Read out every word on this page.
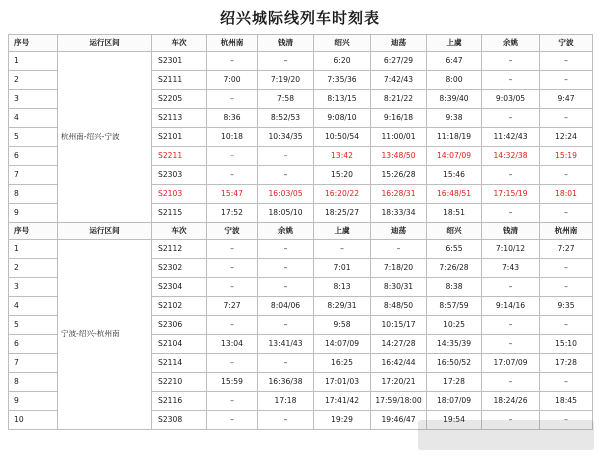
绍兴城际线列车时刻表
序号	运行区间	车次	杭州南	钱清	绍兴	迪荡	上虞	余姚	宁波
1	杭州南-绍兴-宁波	S2301	–	–	6:20	6:27/29	6:47	–	–
2		S2111	7:00	7:19/20	7:35/36	7:42/43	8:00	–	–
3		S2205	–	7:58	8:13/15	8:21/22	8:39/40	9:03/05	9:47
4		S2113	8:36	8:52/53	9:08/10	9:16/18	9:38	–	–
5		S2101	10:18	10:34/35	10:50/54	11:00/01	11:18/19	11:42/43	12:24
6		S2211	–	–	13:42	13:48/50	14:07/09	14:32/38	15:19
7		S2303	–	–	15:20	15:26/28	15:46	–	–
8		S2103	15:47	16:03/05	16:20/22	16:28/31	16:48/51	17:15/19	18:01
9		S2115	17:52	18:05/10	18:25/27	18:33/34	18:51	–	–
序号	运行区间	车次	宁波	余姚	上虞	迪荡	绍兴	钱清	杭州南
1	宁波-绍兴-杭州南	S2112	–	–	–	–	6:55	7:10/12	7:27
2		S2302	–	–	7:01	7:18/20	7:26/28	7:43	–
3		S2304	–	–	8:13	8:30/31	8:38	–	–
4		S2102	7:27	8:04/06	8:29/31	8:48/50	8:57/59	9:14/16	9:35
5		S2306	–	–	9:58	10:15/17	10:25	–	–
6		S2104	13:04	13:41/43	14:07/09	14:27/28	14:35/39	–	15:10
7		S2114	–	–	16:25	16:42/44	16:50/52	17:07/09	17:28
8		S2210	15:59	16:36/38	17:01/03	17:20/21	17:28	–	–
9		S2116	–	17:18	17:41/42	17:59/18:00	18:07/09	18:24/26	18:45
10		S2308	–	–	19:29	19:46/47	19:54	–	–
